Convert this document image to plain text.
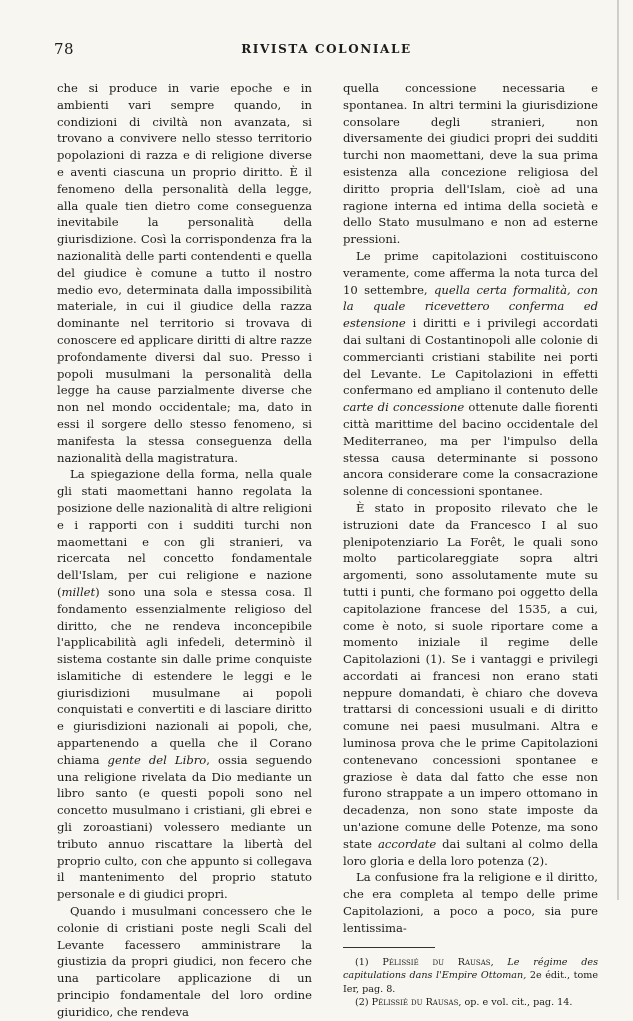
78	RIVISTA COLONIALE

che si produce in varie epoche e in ambienti vari sempre quando, in condizioni di civiltà non avanzata, si trovano a convivere nello stesso territorio popolazioni di razza e di religione diverse e aventi ciascuna un proprio diritto. È il fenomeno della personalità della legge, alla quale tien dietro come conseguenza inevitabile la personalità della giurisdizione. Così la corrispondenza fra la nazionalità delle parti contendenti e quella del giudice è comune a tutto il nostro medio evo, determinata dalla impossibilità materiale, in cui il giudice della razza dominante nel territorio si trovava di conoscere ed applicare diritti di altre razze profondamente diversi dal suo. Presso i popoli musulmani la personalità della legge ha cause parzialmente diverse che non nel mondo occidentale; ma, dato in essi il sorgere dello stesso fenomeno, si manifesta la stessa conseguenza della nazionalità della magistratura.

La spiegazione della forma, nella quale gli stati maomettani hanno regolata la posizione delle nazionalità di altre religioni e i rapporti con i sudditi turchi non maomettani e con gli stranieri, va ricercata nel concetto fondamentale dell'Islam, per cui religione e nazione (millet) sono una sola e stessa cosa. Il fondamento essenzialmente religioso del diritto, che ne rendeva inconcepibile l'applicabilità agli infedeli, determinò il sistema costante sin dalle prime conquiste islamitiche di estendere le leggi e le giurisdizioni musulmane ai popoli conquistati e convertiti e di lasciare diritto e giurisdizioni nazionali ai popoli, che, appartenendo a quella che il Corano chiama gente del Libro, ossia seguendo una religione rivelata da Dio mediante un libro santo (e questi popoli sono nel concetto musulmano i cristiani, gli ebrei e gli zoroastiani) volessero mediante un tributo annuo riscattare la libertà del proprio culto, con che appunto si collegava il mantenimento del proprio statuto personale e di giudici propri.

Quando i musulmani concessero che le colonie di cristiani poste negli Scali del Levante facessero amministrare la giustizia da propri giudici, non fecero che una particolare applicazione di un principio fondamentale del loro ordine giuridico, che rendeva

quella concessione necessaria e spontanea. In altri termini la giurisdizione consolare degli stranieri, non diversamente dei giudici propri dei sudditi turchi non maomettani, deve la sua prima esistenza alla concezione religiosa del diritto propria dell'Islam, cioè ad una ragione interna ed intima della società e dello Stato musulmano e non ad esterne pressioni.

Le prime capitolazioni costituiscono veramente, come afferma la nota turca del 10 settembre, quella certa formalità, con la quale ricevettero conferma ed estensione i diritti e i privilegi accordati dai sultani di Costantinopoli alle colonie di commercianti cristiani stabilite nei porti del Levante. Le Capitolazioni in effetti confermano ed ampliano il contenuto delle carte di concessione ottenute dalle fiorenti città marittime del bacino occidentale del Mediterraneo, ma per l'impulso della stessa causa determinante si possono ancora considerare come la consacrazione solenne di concessioni spontanee.

È stato in proposito rilevato che le istruzioni date da Francesco I al suo plenipotenziario La Forêt, le quali sono molto particolareggiate sopra altri argomenti, sono assolutamente mute su tutti i punti, che formano poi oggetto della capitolazione francese del 1535, a cui, come è noto, si suole riportare come a momento iniziale il regime delle Capitolazioni (1). Se i vantaggi e privilegi accordati ai francesi non erano stati neppure domandati, è chiaro che doveva trattarsi di concessioni usuali e di diritto comune nei paesi musulmani. Altra e luminosa prova che le prime Capitolazioni contenevano concessioni spontanee e graziose è data dal fatto che esse non furono strappate a un impero ottomano in decadenza, non sono state imposte da un'azione comune delle Potenze, ma sono state accordate dai sultani al colmo della loro gloria e della loro potenza (2).

La confusione fra la religione e il diritto, che era completa al tempo delle prime Capitolazioni, a poco a poco, sia pure lentissima-

(1) Pélissié du Rausas, Le régime des capitulations dans l'Empire Ottoman, 2e édit., tome Ier, pag. 8.

(2) Pélissié du Rausas, op. e vol. cit., pag. 14.
